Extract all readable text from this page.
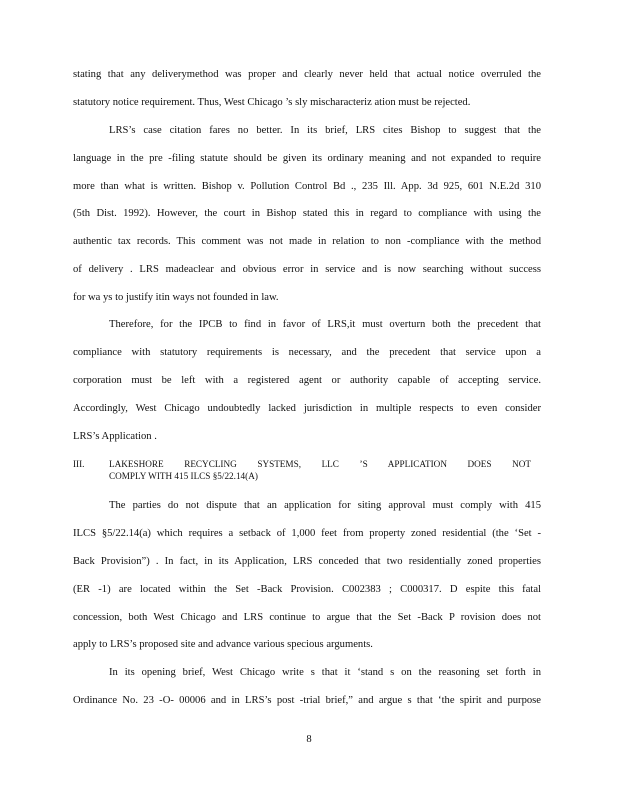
stating that any deliverymethod was proper and clearly never held that actual notice overruled the
statutory notice requirement. Thus, West Chicago ’s sly mischaracteriz ation must be rejected.
LRS’s case citation fares no better. In its brief, LRS cites Bishop to suggest that the
language in the pre -filing statute should be given its ordinary meaning and not expanded to require
more than what is written. Bishop v. Pollution Control Bd ., 235 Ill. App. 3d 925, 601 N.E.2d 310
(5th Dist. 1992). However, the court in Bishop stated this in regard to compliance with using the
authentic tax records. This comment was not made in relation to non -compliance with the method
of delivery . LRS madeaclear and obvious error in service and is now searching without success
for wa ys to justify itin ways not founded in law.
Therefore, for the IPCB to find in favor of LRS,it must overturn both the precedent that
compliance with statutory requirements is necessary, and the precedent that service upon a
corporation must be left with a registered agent or authority capable of accepting service.
Accordingly, West Chicago undoubtedly lacked jurisdiction in multiple respects to even consider
LRS’s Application .
III.	LAKESHORE RECYCLING SYSTEMS, LLC ’S APPLICATION DOES NOT
COMPLY WITH 415 ILCS §5/22.14(A)
The parties do not dispute that an application for siting approval must comply with 415
ILCS §5/22.14(a) which requires a setback of 1,000 feet from property zoned residential (the ‘Set -
Back Provision”) . In fact, in its Application, LRS conceded that two residentially zoned properties
(ER -1) are located within the Set -Back Provision. C002383 ; C000317. D espite this fatal
concession, both West Chicago and LRS continue to argue that the Set -Back P rovision does not
apply to LRS’s proposed site and advance various specious arguments.
In its opening brief, West Chicago write s that it ‘stand s on the reasoning set forth in
Ordinance No. 23 -O- 00006 and in LRS’s post -trial brief,” and argue s that ‘the spirit and purpose
8
